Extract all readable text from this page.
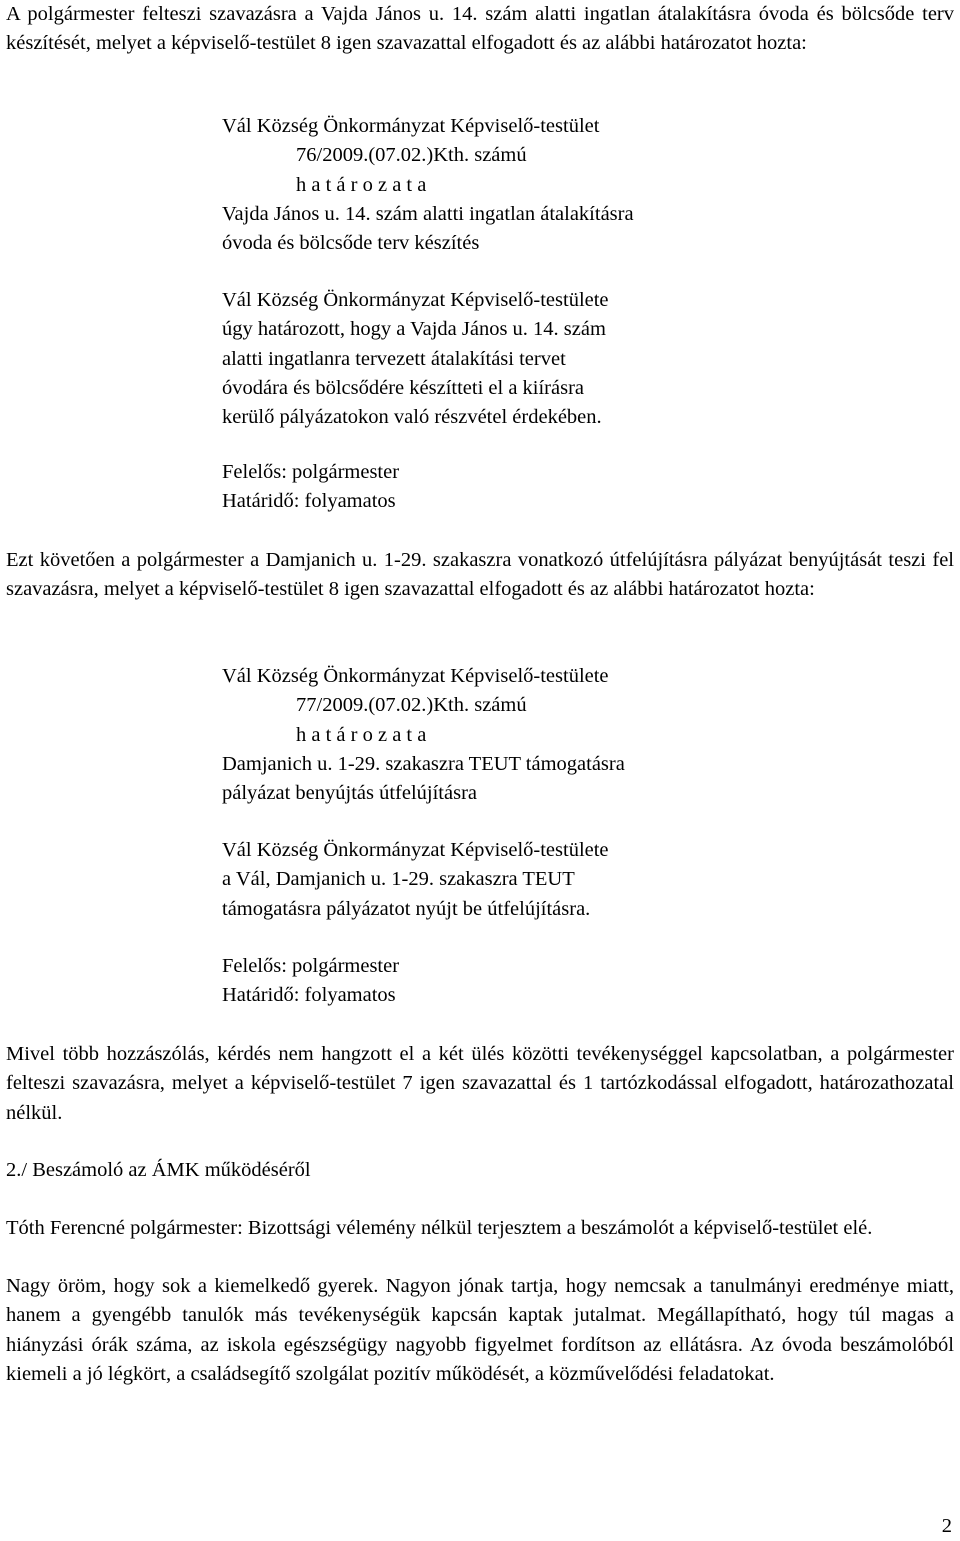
A polgármester felteszi szavazásra a Vajda János u. 14. szám alatti ingatlan átalakításra óvoda és bölcsőde terv készítését, melyet a képviselő-testület 8 igen szavazattal elfogadott és az alábbi határozatot hozta:

Vál Község Önkormányzat Képviselő-testület
76/2009.(07.02.)Kth. számú
h a t á r o z a t a
Vajda János u. 14. szám alatti ingatlan átalakításra
óvoda és bölcsőde terv készítés
Vál Község Önkormányzat Képviselő-testülete
úgy határozott, hogy a Vajda János u. 14. szám
alatti ingatlanra tervezett átalakítási tervet
óvodára és bölcsődére készítteti el a kiírásra
kerülő pályázatokon való részvétel érdekében.
Felelős: polgármester
Határidő: folyamatos

Ezt követően a polgármester a Damjanich u. 1-29. szakaszra vonatkozó útfelújításra pályázat benyújtását teszi fel szavazásra, melyet a képviselő-testület 8 igen szavazattal elfogadott és az alábbi határozatot hozta:

Vál Község Önkormányzat Képviselő-testülete
77/2009.(07.02.)Kth. számú
h a t á r o z a t a
Damjanich u. 1-29. szakaszra TEUT támogatásra
pályázat benyújtás útfelújításra
Vál Község Önkormányzat Képviselő-testülete
a Vál, Damjanich u. 1-29. szakaszra TEUT
támogatásra pályázatot nyújt be útfelújításra.
Felelős: polgármester
Határidő: folyamatos

Mivel több hozzászólás, kérdés nem hangzott el a két ülés közötti tevékenységgel kapcsolatban, a polgármester felteszi szavazásra, melyet a képviselő-testület 7 igen szavazattal és 1 tartózkodással elfogadott, határozathozatal nélkül.

2./ Beszámoló az ÁMK működéséről

Tóth Ferencné polgármester: Bizottsági vélemény nélkül terjesztem a beszámolót a képviselő-testület elé.

Nagy öröm, hogy sok a kiemelkedő gyerek. Nagyon jónak tartja, hogy nemcsak a tanulmányi eredménye miatt, hanem a gyengébb tanulók más tevékenységük kapcsán kaptak jutalmat. Megállapítható, hogy túl magas a hiányzási órák száma, az iskola egészségügy nagyobb figyelmet fordítson az ellátásra. Az óvoda beszámolóból kiemeli a jó légkört, a családsegítő szolgálat pozitív működését, a közművelődési feladatokat.

2
